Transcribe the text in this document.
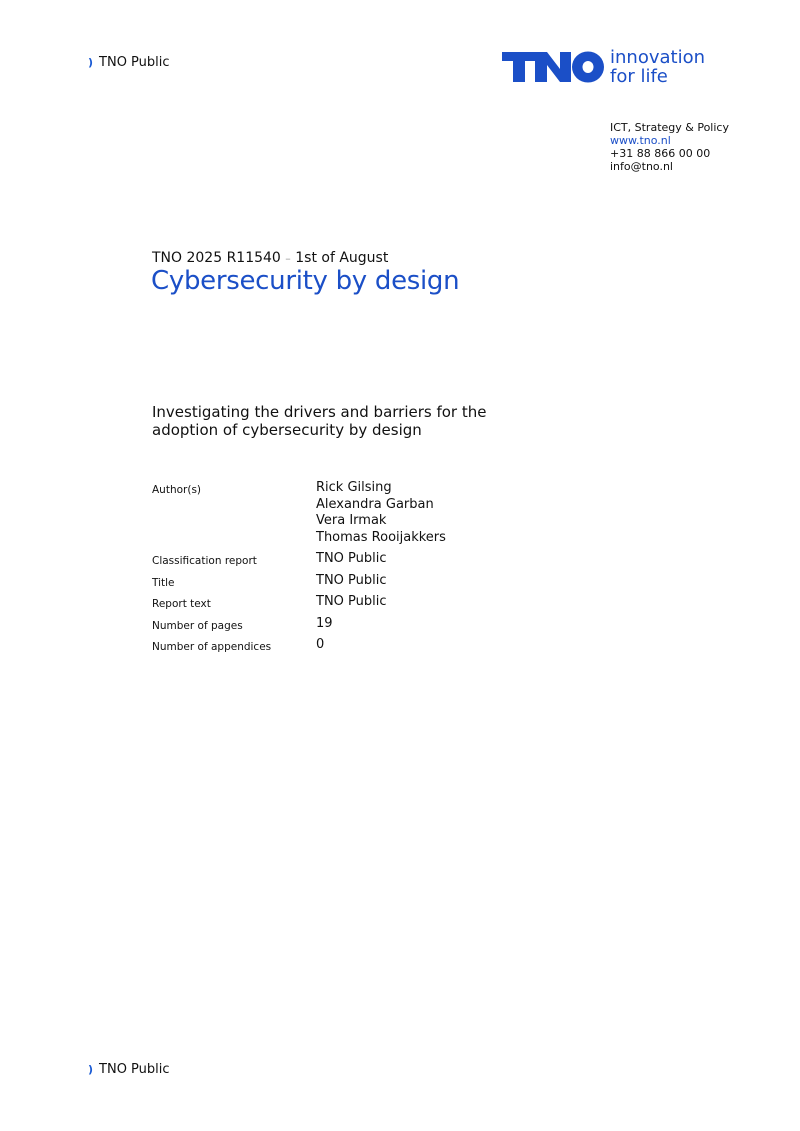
) TNO Public	innovation
for life
ICT, Strategy & Policy
www.tno.nl
+31 88 866 00 00
info@tno.nl
TNO 2025 R11540 – 1st of August
Cybersecurity by design
Investigating the drivers and barriers for the adoption of cybersecurity by design
Author(s)	Rick Gilsing
Alexandra Garban
Vera Irmak
Thomas Rooijakkers
Classification report	TNO Public
Title	TNO Public
Report text	TNO Public
Number of pages	19
Number of appendices	0
) TNO Public
